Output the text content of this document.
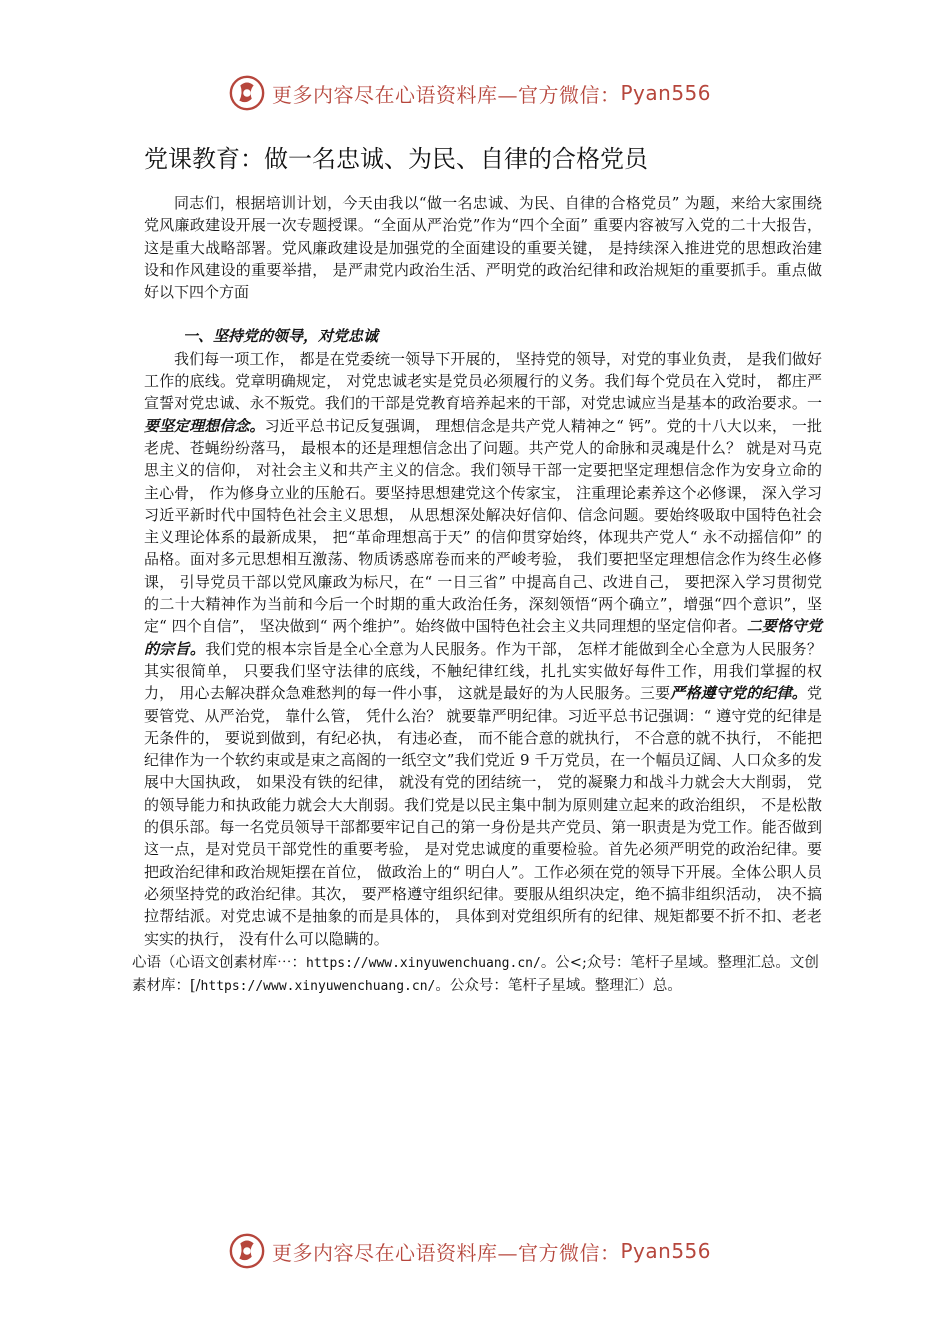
更多内容尽在心语资料库—官方微信： Pyan556
党课教育：做一名忠诚、为民、自律的合格党员

同志们，根据培训计划，今天由我以“做一名忠诚、为民、自律的合格党员” 为题，来给大家围绕党风廉政建设开展一次专题授课。“全面从严治党”作为“四个全面” 重要内容被写入党的二十大报告， 这是重大战略部署。党风廉政建设是加强党的全面建设的重要关键， 是持续深入推进党的思想政治建设和作风建设的重要举措， 是严肃党内政治生活、严明党的政治纪律和政治规矩的重要抓手。重点做好以下四个方面

一、坚持党的领导，对党忠诚

我们每一项工作， 都是在党委统一领导下开展的， 坚持党的领导，对党的事业负责， 是我们做好工作的底线。党章明确规定， 对党忠诚老实是党员必须履行的义务。我们每个党员在入党时， 都庄严宣誓对党忠诚、永不叛党。我们的干部是党教育培养起来的干部，对党忠诚应当是基本的政治要求。一要坚定理想信念。习近平总书记反复强调， 理想信念是共产党人精神之“ 钙”。党的十八大以来， 一批老虎、苍蝇纷纷落马， 最根本的还是理想信念出了问题。共产党人的命脉和灵魂是什么？ 就是对马克思主义的信仰， 对社会主义和共产主义的信念。我们领导干部一定要把坚定理想信念作为安身立命的主心骨， 作为修身立业的压舱石。要坚持思想建党这个传家宝， 注重理论素养这个必修课， 深入学习习近平新时代中国特色社会主义思想， 从思想深处解决好信仰、信念问题。要始终吸取中国特色社会主义理论体系的最新成果， 把“革命理想高于天” 的信仰贯穿始终，体现共产党人“ 永不动摇信仰” 的品格。面对多元思想相互激荡、物质诱惑席卷而来的严峻考验， 我们要把坚定理想信念作为终生必修课， 引导党员干部以党风廉政为标尺，在“ 一日三省” 中提高自己、改进自己， 要把深入学习贯彻党的二十大精神作为当前和今后一个时期的重大政治任务，深刻领悟“两个确立”，增强“四个意识”，坚定“ 四个自信”， 坚决做到“ 两个维护”。始终做中国特色社会主义共同理想的坚定信仰者。二要恪守党的宗旨。我们党的根本宗旨是全心全意为人民服务。作为干部， 怎样才能做到全心全意为人民服务？其实很简单， 只要我们坚守法律的底线，不触纪律红线，扎扎实实做好每件工作，用我们掌握的权力， 用心去解决群众急难愁判的每一件小事， 这就是最好的为人民服务。三要严格遵守党的纪律。党要管党、从严治党， 靠什么管， 凭什么治？ 就要靠严明纪律。习近平总书记强调：“ 遵守党的纪律是无条件的， 要说到做到，有纪必执， 有违必查， 而不能合意的就执行， 不合意的就不执行， 不能把纪律作为一个软约束或是束之高阁的一纸空文”我们党近 9 千万党员，在一个幅员辽阔、人口众多的发展中大国执政， 如果没有铁的纪律， 就没有党的团结统一， 党的凝聚力和战斗力就会大大削弱， 党的领导能力和执政能力就会大大削弱。我们党是以民主集中制为原则建立起来的政治组织， 不是松散的俱乐部。每一名党员领导干部都要牢记自己的第一身份是共产党员、第一职责是为党工作。能否做到这一点，是对党员干部党性的重要考验， 是对党忠诚度的重要检验。首先必须严明党的政治纪律。要把政治纪律和政治规矩摆在首位， 做政治上的“ 明白人”。工作必须在党的领导下开展。全体公职人员必须坚持党的政治纪律。其次， 要严格遵守组织纪律。要服从组织决定，绝不搞非组织活动， 决不搞拉帮结派。对党忠诚不是抽象的而是具体的， 具体到对党组织所有的纪律、规矩都要不折不扣、老老实实的执行， 没有什么可以隐瞒的。

心语（心语文创素材库⋯：https://www.xinyuwenchuang.cn/。公<;众号：笔杆子星域。整理汇总。文创素材库：[/https://www.xinyuwenchuang.cn/。公众号：笔杆子星域。整理汇）总。

更多内容尽在心语资料库—官方微信： Pyan556
